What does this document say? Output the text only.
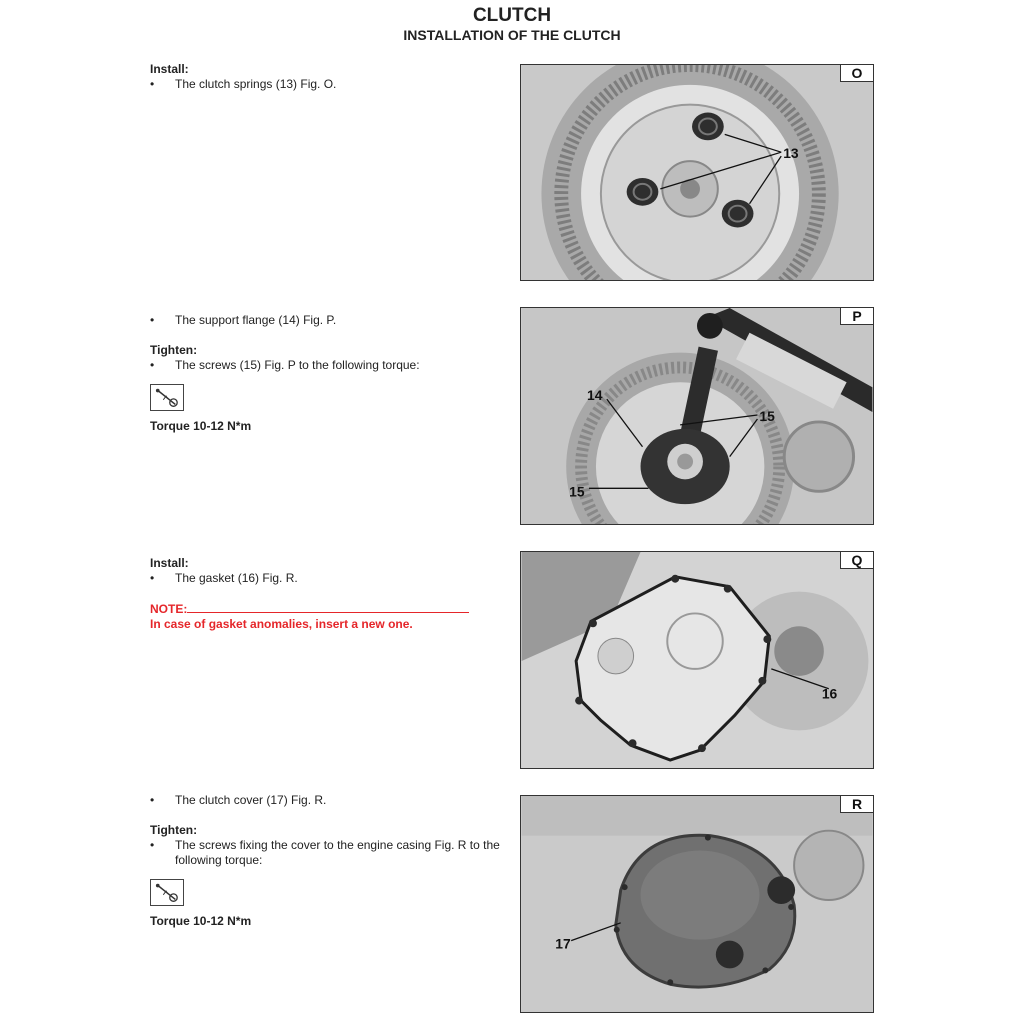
CLUTCH
INSTALLATION OF THE CLUTCH
Install:
• The clutch springs (13) Fig. O.
• The support flange (14) Fig. P.
Tighten:
• The screws (15) Fig. P to the following torque:
Torque 10-12 N*m
Install:
• The gasket (16) Fig. R.
NOTE:
In case of gasket anomalies, insert a new one.
• The clutch cover (17) Fig. R.
Tighten:
• The screws fixing the cover to the engine casing Fig. R to the following torque:
Torque 10-12 N*m
13
O
14
15
15
P
16
Q
17
R
